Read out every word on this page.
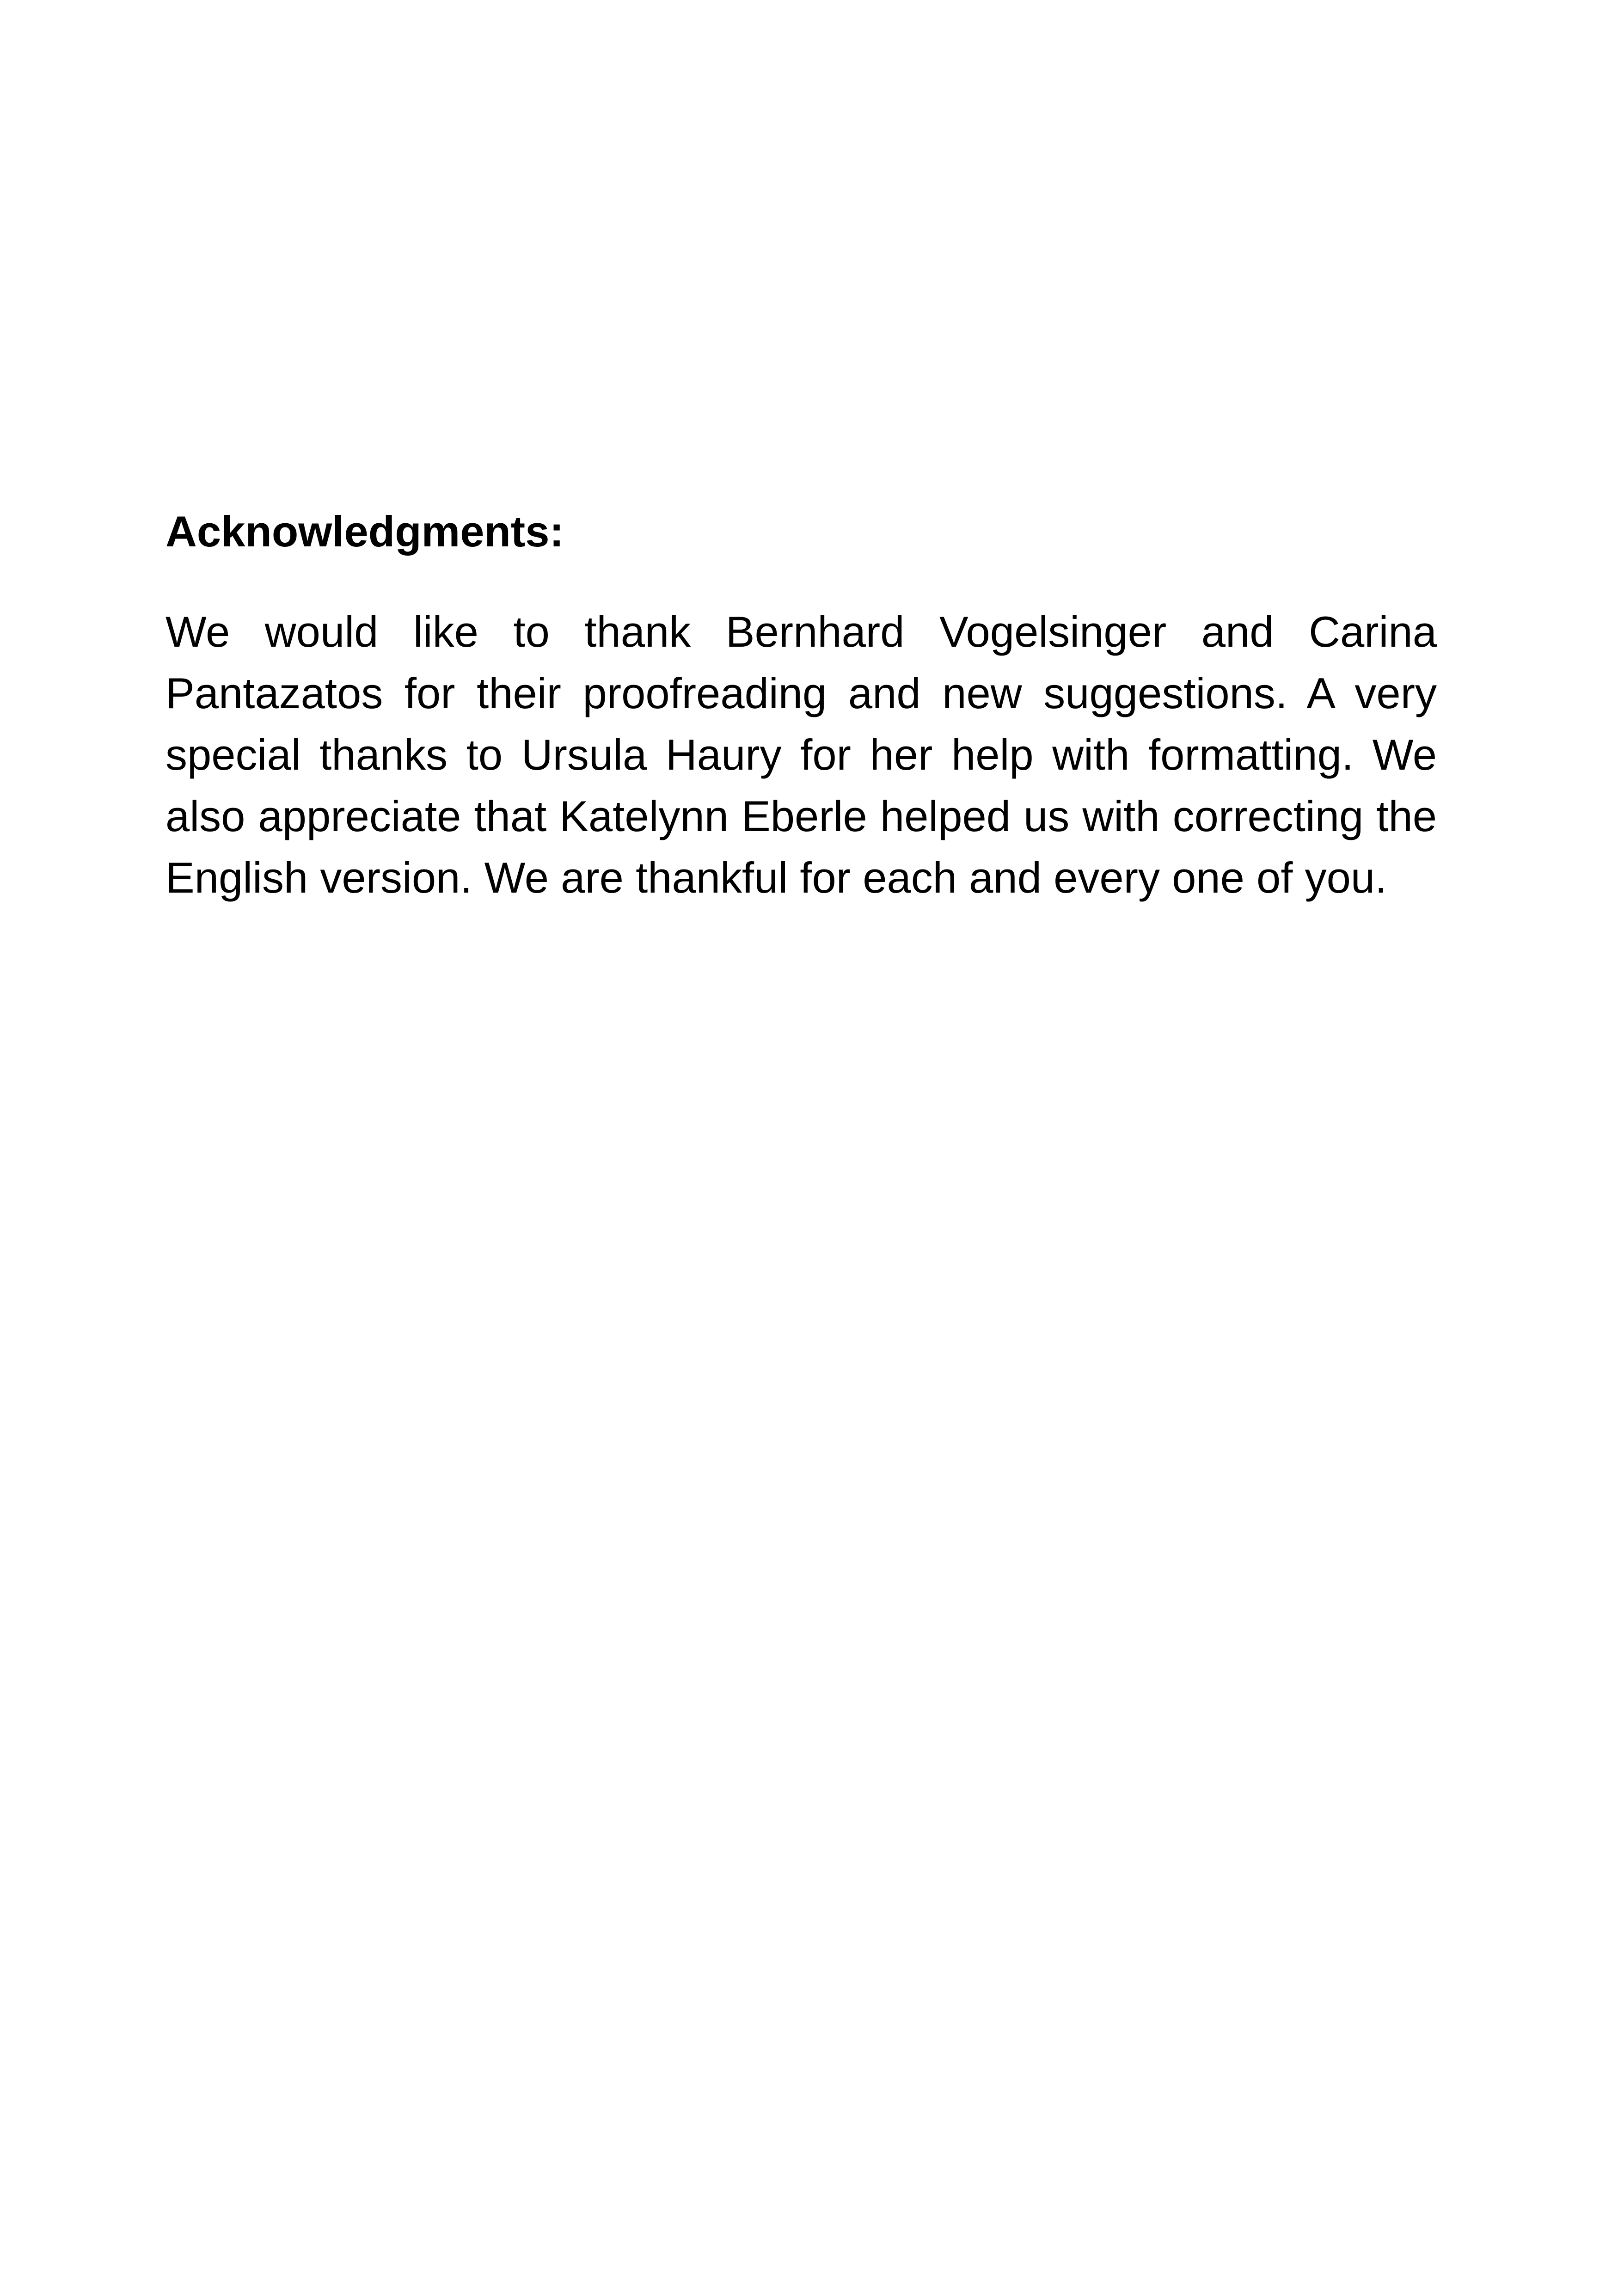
Acknowledgments:

We would like to thank Bernhard Vogelsinger and Carina Pantazatos for their proofreading and new suggestions. A very special thanks to Ursula Haury for her help with formatting. We also appreciate that Katelynn Eberle helped us with correcting the English version. We are thankful for each and every one of you.
